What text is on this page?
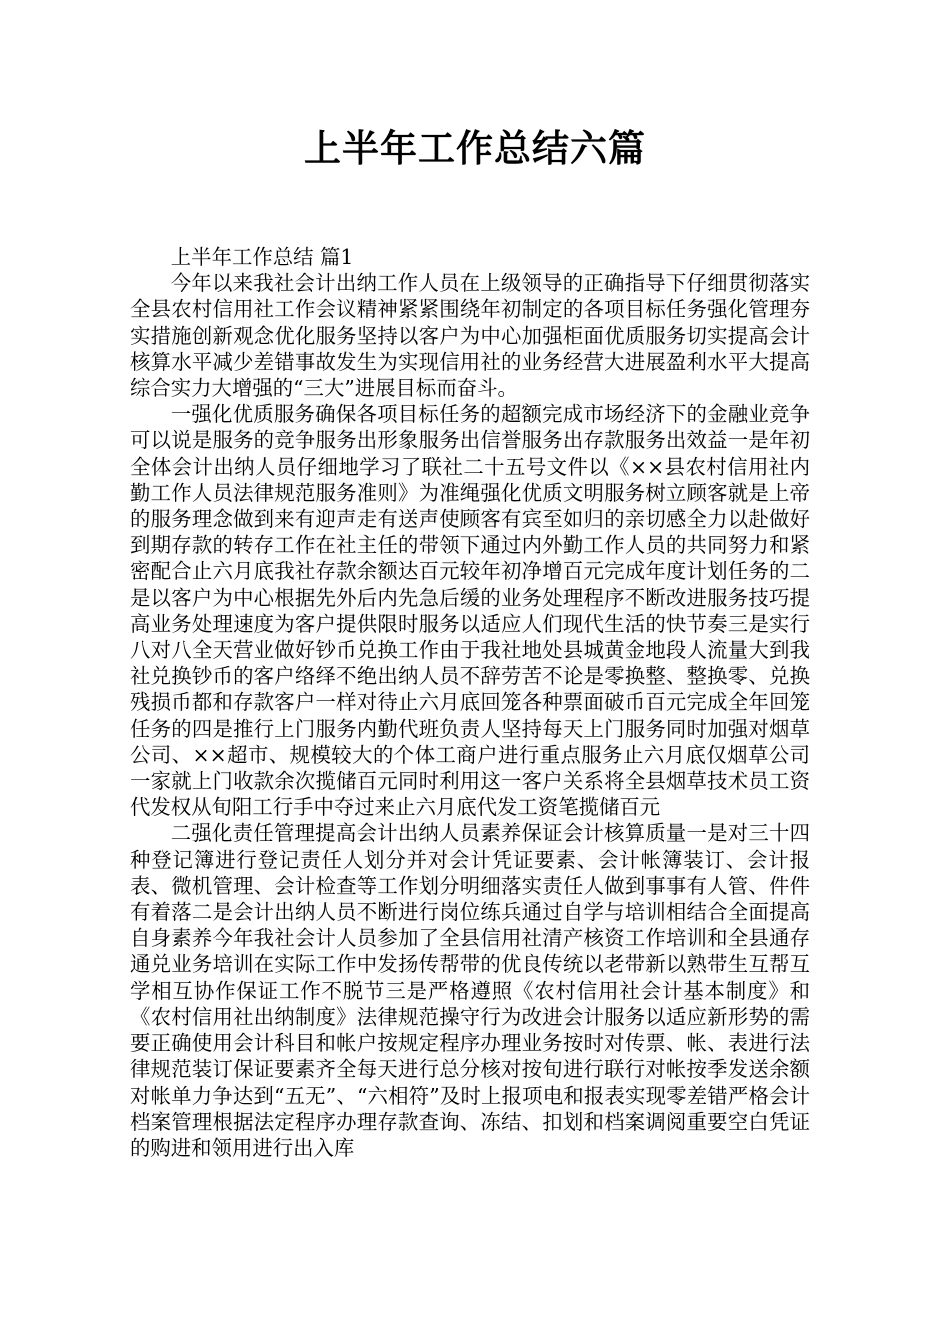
上半年工作总结六篇

上半年工作总结 篇1

今年以来我社会计出纳工作人员在上级领导的正确指导下仔细贯彻落实全县农村信用社工作会议精神紧紧围绕年初制定的各项目标任务强化管理夯实措施创新观念优化服务坚持以客户为中心加强柜面优质服务切实提高会计核算水平减少差错事故发生为实现信用社的业务经营大进展盈利水平大提高综合实力大增强的“三大”进展目标而奋斗。

一强化优质服务确保各项目标任务的超额完成市场经济下的金融业竞争可以说是服务的竞争服务出形象服务出信誉服务出存款服务出效益一是年初全体会计出纳人员仔细地学习了联社二十五号文件以《××县农村信用社内勤工作人员法律规范服务准则》为准绳强化优质文明服务树立顾客就是上帝的服务理念做到来有迎声走有送声使顾客有宾至如归的亲切感全力以赴做好到期存款的转存工作在社主任的带领下通过内外勤工作人员的共同努力和紧密配合止六月底我社存款余额达百元较年初净增百元完成年度计划任务的二是以客户为中心根据先外后内先急后缓的业务处理程序不断改进服务技巧提高业务处理速度为客户提供限时服务以适应人们现代生活的快节奏三是实行八对八全天营业做好钞币兑换工作由于我社地处县城黄金地段人流量大到我社兑换钞币的客户络绎不绝出纳人员不辞劳苦不论是零换整、整换零、兑换残损币都和存款客户一样对待止六月底回笼各种票面破币百元完成全年回笼任务的四是推行上门服务内勤代班负责人坚持每天上门服务同时加强对烟草公司、××超市、规模较大的个体工商户进行重点服务止六月底仅烟草公司一家就上门收款余次揽储百元同时利用这一客户关系将全县烟草技术员工资代发权从旬阳工行手中夺过来止六月底代发工资笔揽储百元

二强化责任管理提高会计出纳人员素养保证会计核算质量一是对三十四种登记簿进行登记责任人划分并对会计凭证要素、会计帐簿装订、会计报表、微机管理、会计检查等工作划分明细落实责任人做到事事有人管、件件有着落二是会计出纳人员不断进行岗位练兵通过自学与培训相结合全面提高自身素养今年我社会计人员参加了全县信用社清产核资工作培训和全县通存通兑业务培训在实际工作中发扬传帮带的优良传统以老带新以熟带生互帮互学相互协作保证工作不脱节三是严格遵照《农村信用社会计基本制度》和《农村信用社出纳制度》法律规范操守行为改进会计服务以适应新形势的需要正确使用会计科目和帐户按规定程序办理业务按时对传票、帐、表进行法律规范装订保证要素齐全每天进行总分核对按旬进行联行对帐按季发送余额对帐单力争达到“五无”、“六相符”及时上报项电和报表实现零差错严格会计档案管理根据法定程序办理存款查询、冻结、扣划和档案调阅重要空白凭证的购进和领用进行出入库
